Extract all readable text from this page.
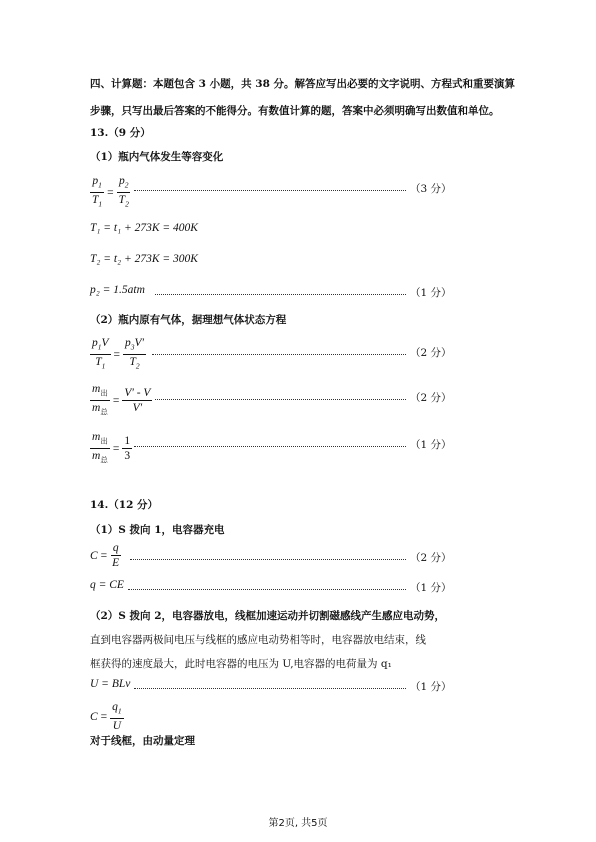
四、计算题：本题包含 3 小题，共 38 分。解答应写出必要的文字说明、方程式和重要演算
步骤，只写出最后答案的不能得分。有数值计算的题，答案中必须明确写出数值和单位。
13.（9 分）
（1）瓶内气体发生等容变化
$\frac{p_1}{T_1} = \frac{p_2}{T_2}$	（3 分）
T₁ = t₁ + 273K = 400K
T₂ = t₂ + 273K = 300K
p₂ = 1.5atm	（1 分）
（2）瓶内原有气体，据理想气体状态方程
$\frac{p_1V}{T_1} = \frac{p_3V'}{T_2}$	（2 分）
$\frac{m_出}{m_总} = \frac{V' - V}{V'}$	（2 分）
$\frac{m_出}{m_总} = \frac{1}{3}$	（1 分）
14.（12 分）
（1）S 拨向 1，电容器充电
$C = \frac{q}{E}$	（2 分）
q = CE	（1 分）
（2）S 拨向 2，电容器放电，线框加速运动并切割磁感线产生感应电动势，
直到电容器两极间电压与线框的感应电动势相等时，电容器放电结束，线
框获得的速度最大，此时电容器的电压为 U,电容器的电荷量为 q₁
U = BLv	（1 分）
$C = \frac{q_1}{U}$
对于线框，由动量定理
第2页, 共5页
